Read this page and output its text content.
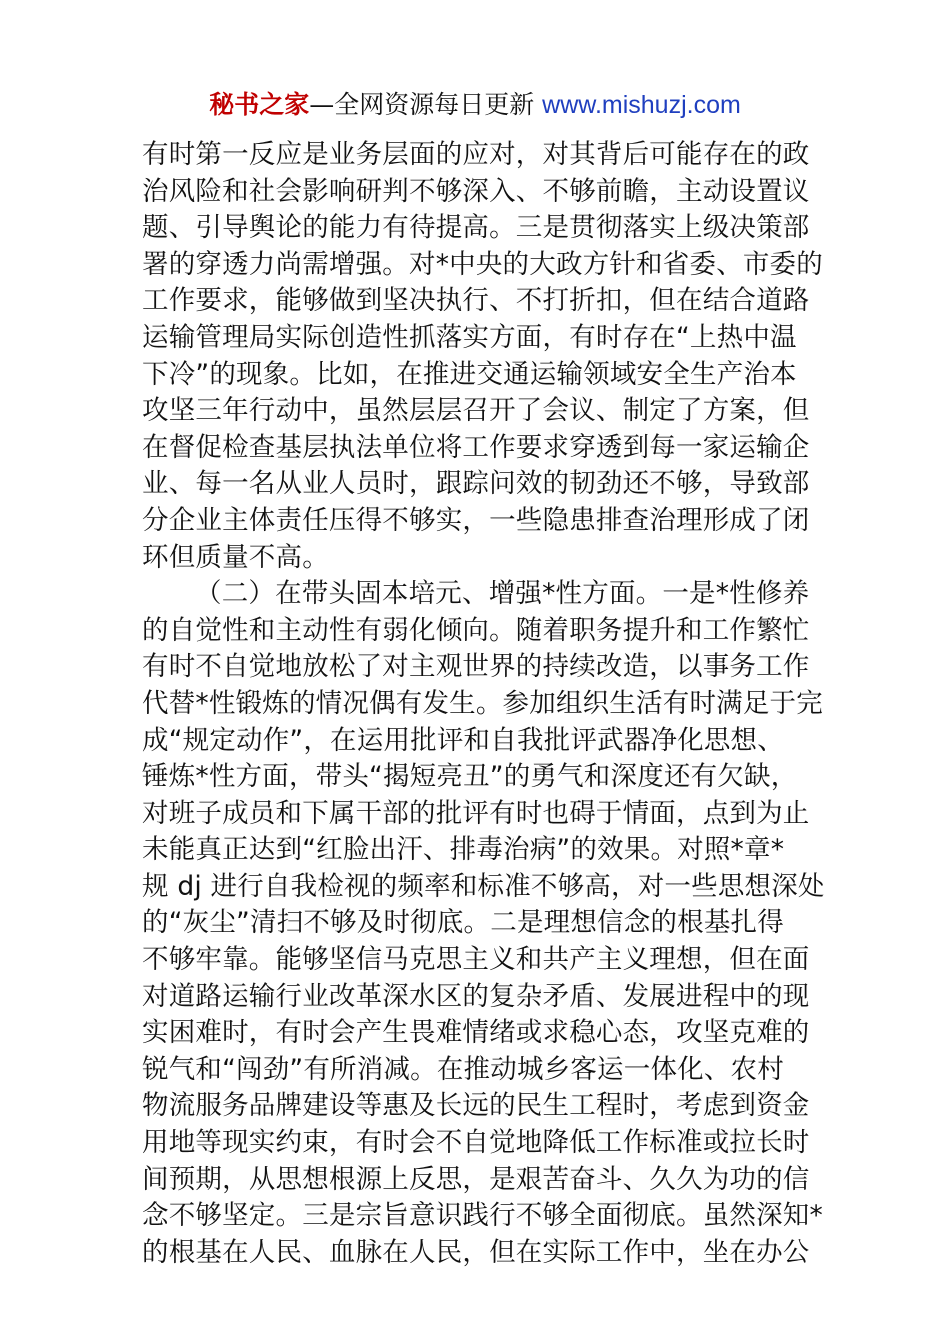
秘书之家—全网资源每日更新 www.mishuzj.com
有时第一反应是业务层面的应对，对其背后可能存在的政
治风险和社会影响研判不够深入、不够前瞻，主动设置议
题、引导舆论的能力有待提高。三是贯彻落实上级决策部
署的穿透力尚需增强。对*中央的大政方针和省委、市委的
工作要求，能够做到坚决执行、不打折扣，但在结合道路
运输管理局实际创造性抓落实方面，有时存在“上热中温
下冷”的现象。比如，在推进交通运输领域安全生产治本
攻坚三年行动中，虽然层层召开了会议、制定了方案，但
在督促检查基层执法单位将工作要求穿透到每一家运输企
业、每一名从业人员时，跟踪问效的韧劲还不够，导致部
分企业主体责任压得不够实，一些隐患排查治理形成了闭
环但质量不高。
（二）在带头固本培元、增强*性方面。一是*性修养
的自觉性和主动性有弱化倾向。随着职务提升和工作繁忙
有时不自觉地放松了对主观世界的持续改造，以事务工作
代替*性锻炼的情况偶有发生。参加组织生活有时满足于完
成“规定动作”，在运用批评和自我批评武器净化思想、
锤炼*性方面，带头“揭短亮丑”的勇气和深度还有欠缺，
对班子成员和下属干部的批评有时也碍于情面，点到为止
未能真正达到“红脸出汗、排毒治病”的效果。对照*章*
规 dj 进行自我检视的频率和标准不够高，对一些思想深处
的“灰尘”清扫不够及时彻底。二是理想信念的根基扎得
不够牢靠。能够坚信马克思主义和共产主义理想，但在面
对道路运输行业改革深水区的复杂矛盾、发展进程中的现
实困难时，有时会产生畏难情绪或求稳心态，攻坚克难的
锐气和“闯劲”有所消减。在推动城乡客运一体化、农村
物流服务品牌建设等惠及长远的民生工程时，考虑到资金
用地等现实约束，有时会不自觉地降低工作标准或拉长时
间预期，从思想根源上反思，是艰苦奋斗、久久为功的信
念不够坚定。三是宗旨意识践行不够全面彻底。虽然深知*
的根基在人民、血脉在人民，但在实际工作中，坐在办公
